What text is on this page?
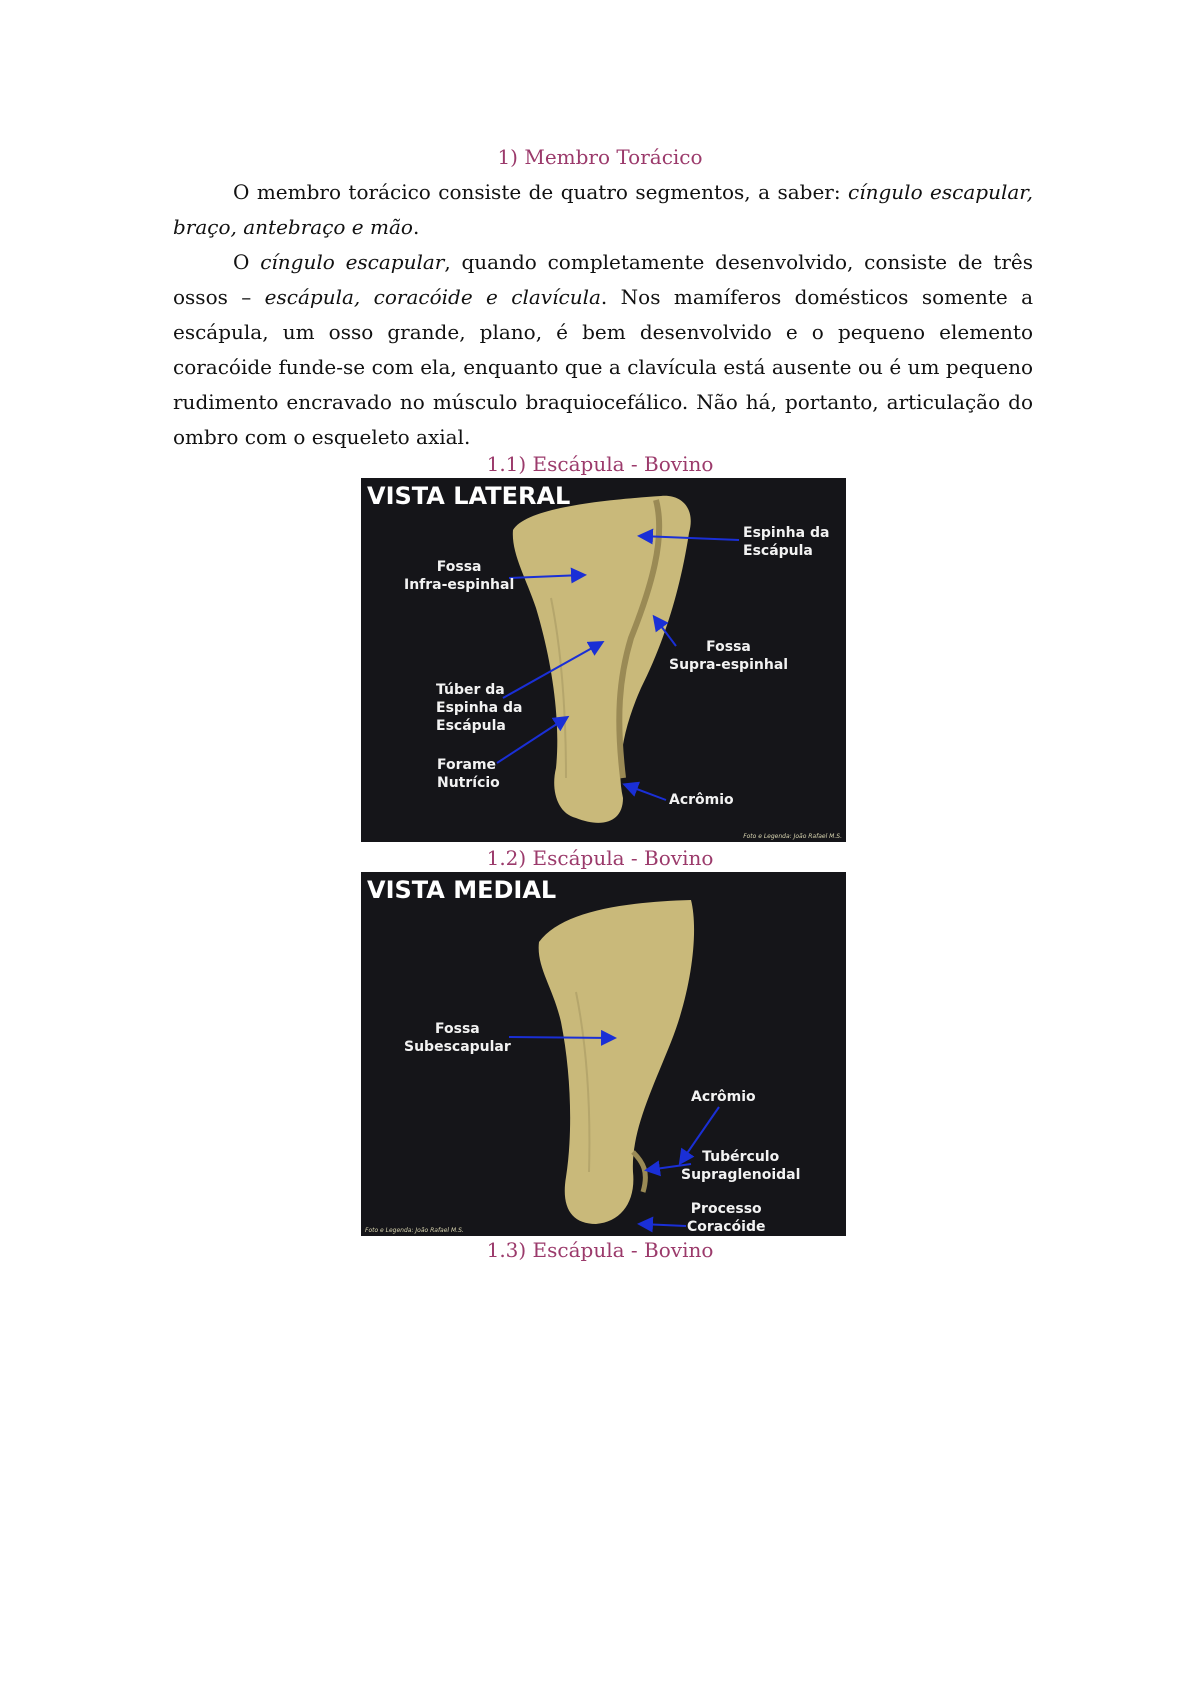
1) Membro Torácico
O membro torácico consiste de quatro segmentos, a saber: cíngulo escapular, braço, antebraço e mão.
O cíngulo escapular, quando completamente desenvolvido, consiste de três ossos – escápula, coracóide e clavícula. Nos mamíferos domésticos somente a escápula, um osso grande, plano, é bem desenvolvido e o pequeno elemento coracóide funde-se com ela, enquanto que a clavícula está ausente ou é um pequeno rudimento encravado no músculo braquiocefálico. Não há, portanto, articulação do ombro com o esqueleto axial.
1.1) Escápula - Bovino
VISTA LATERAL
Espinha da
Escápula
Fossa
Infra-espinhal
Fossa
Supra-espinhal
Túber da
Espinha da
Escápula
Forame
Nutrício
Acrômio
Foto e Legenda: João Rafael M.S.
1.2) Escápula - Bovino
VISTA MEDIAL
Fossa
Subescapular
Acrômio
Tubérculo
Supraglenoidal
Processo
Coracóide
Foto e Legenda: João Rafael M.S.
1.3) Escápula - Bovino
